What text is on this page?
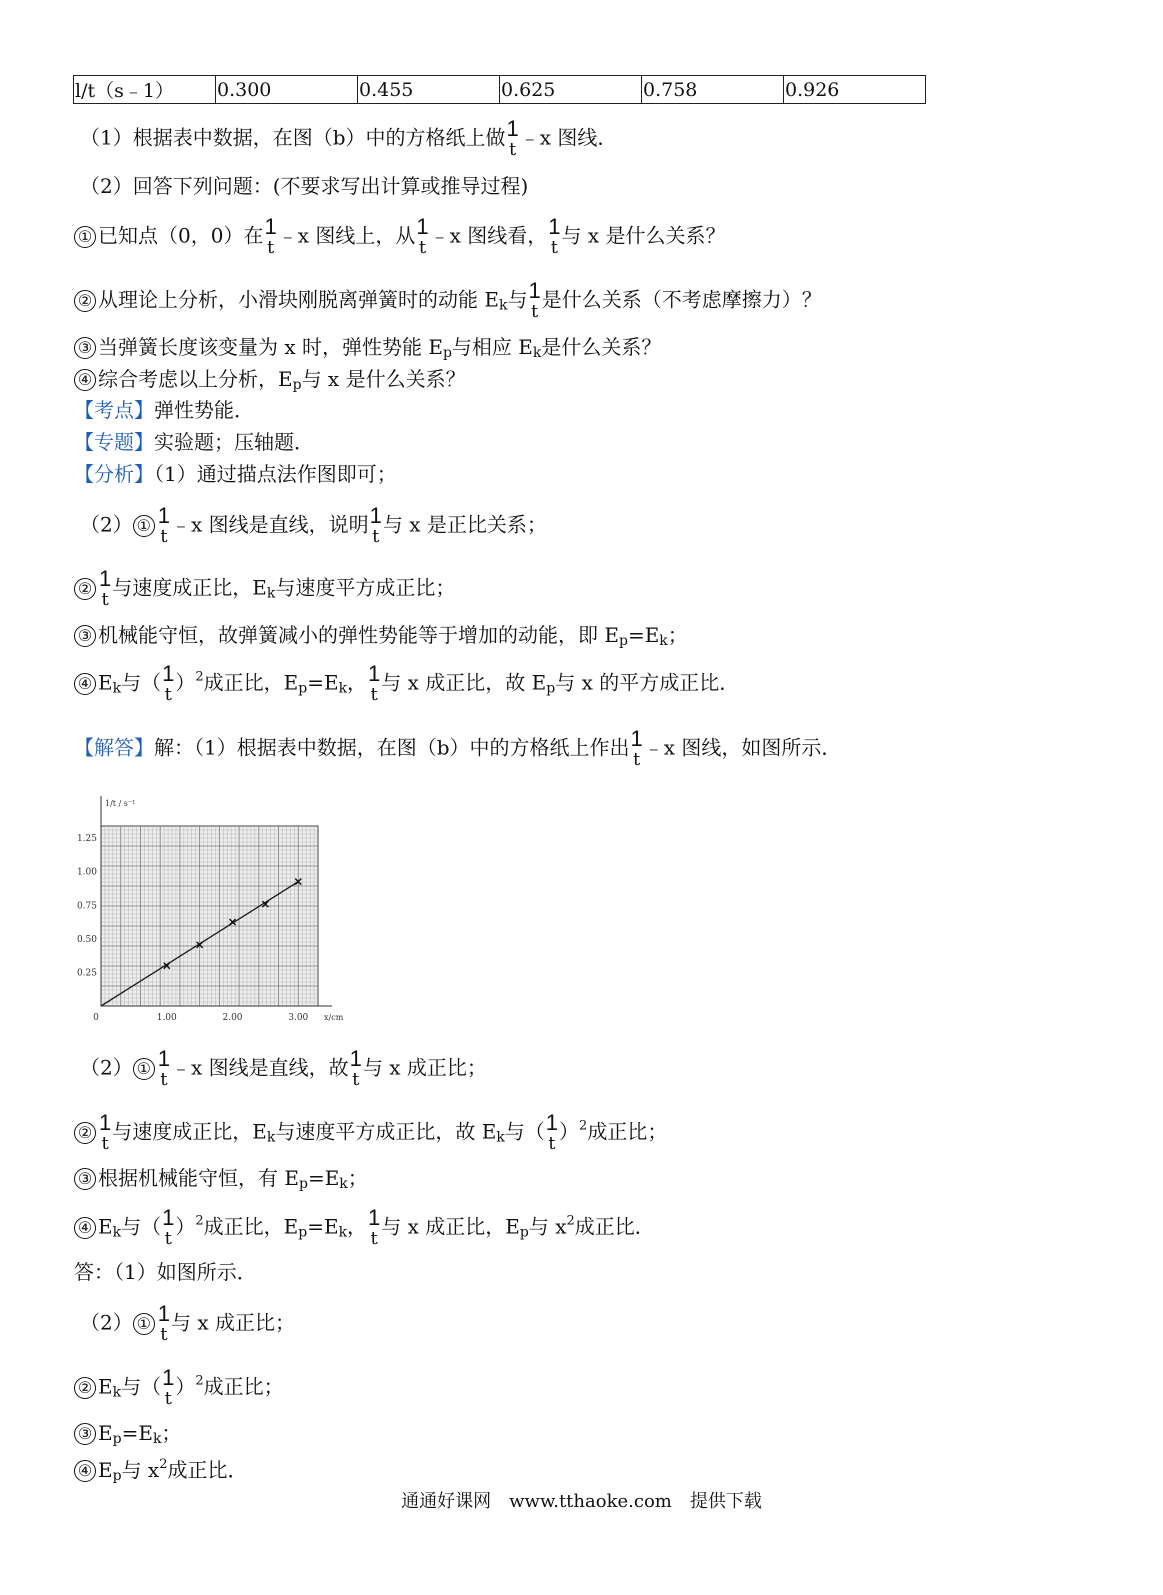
l/t（s﹣1）	0.300	0.455	0.625	0.758	0.926
（1）根据表中数据，在图（b）中的方格纸上做 1
t ﹣x 图线．
（2）回答下列问题：(不要求写出计算或推导过程)
① 已知点（0，0）在 1
t ﹣x 图线上，从 1
t ﹣x 图线看， 1
t 与 x 是什么关系？
② 从理论上分析，小滑块刚脱离弹簧时的动能 $E_k$与 1
t 是什么关系（不考虑摩擦力）？
③ 当弹簧长度该变量为 x 时，弹性势能 $E_p$与相应 $E_k$是什么关系？
④ 综合考虑以上分析，$E_p$与 x 是什么关系？
【考点】弹性势能．
【专题】实验题；压轴题．
【分析】（1）通过描点法作图即可；
（2） ① 1
t ﹣x 图线是直线，说明 1
t 与 x 是正比关系；
② 1
t 与速度成正比，$E_k$与速度平方成正比；
③ 机械能守恒，故弹簧减小的弹性势能等于增加的动能，即 $E_p=E_k$；
④ $E_k$与（ 1
t ）$^2$成正比，$E_p=E_k$， 1
t 与 x 成正比，故 $E_p$与 x 的平方成正比．
【解答】解：（1）根据表中数据，在图（b）中的方格纸上作出 1
t ﹣x 图线，如图所示．
0	1.00	2.00	3.00
0.25
0.50
0.75
1.00
1.25
x/cm
1/t / s⁻¹
（2） ① 1
t ﹣x 图线是直线，故 1
t 与 x 成正比；
② 1
t 与速度成正比，$E_k$与速度平方成正比，故 $E_k$与（ 1
t ）$^2$成正比；
③ 根据机械能守恒，有 $E_p=E_k$；
④ $E_k$与（ 1
t ）$^2$成正比，$E_p=E_k$， 1
t 与 x 成正比，$E_p$与 $x^2$成正比．
答：（1）如图所示．
（2） ① 1
t 与 x 成正比；
② $E_k$与（ 1
t ）$^2$成正比；
③ $E_p=E_k$；
④ $E_p$与 $x^2$成正比．
通通好课网　www.tthaoke.com　提供下载
